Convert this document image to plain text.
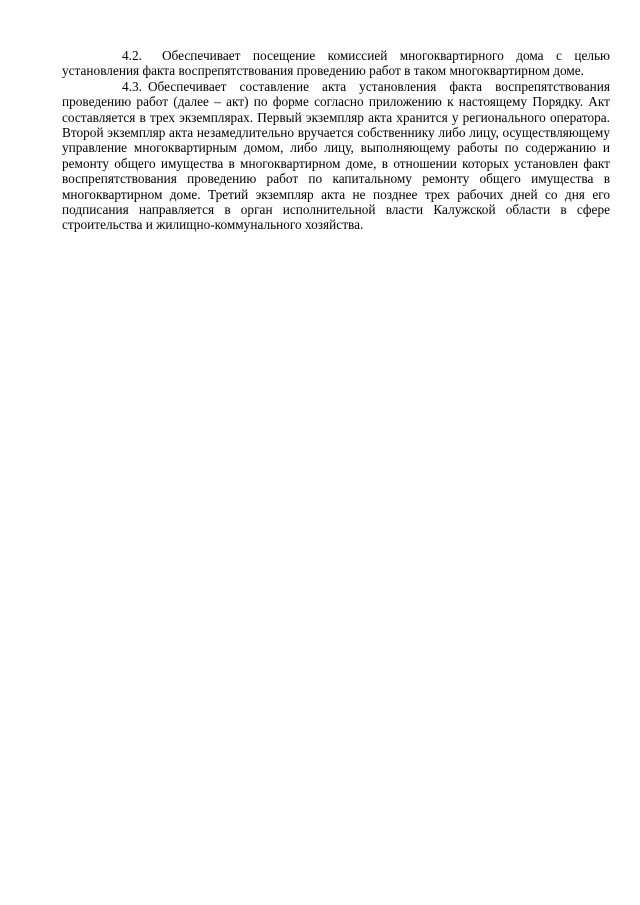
4.2. Обеспечивает посещение комиссией многоквартирного дома с целью установления факта воспрепятствования проведению работ в таком многоквартирном доме.

4.3. Обеспечивает составление акта установления факта воспрепятствования проведению работ (далее – акт) по форме согласно приложению к настоящему Порядку. Акт составляется в трех экземплярах. Первый экземпляр акта хранится у регионального оператора. Второй экземпляр акта незамедлительно вручается собственнику либо лицу, осуществляющему управление многоквартирным домом, либо лицу, выполняющему работы по содержанию и ремонту общего имущества в многоквартирном доме, в отношении которых установлен факт воспрепятствования проведению работ по капитальному ремонту общего имущества в многоквартирном доме. Третий экземпляр акта не позднее трех рабочих дней со дня его подписания направляется в орган исполнительной власти Калужской области в сфере строительства и жилищно-коммунального хозяйства.
